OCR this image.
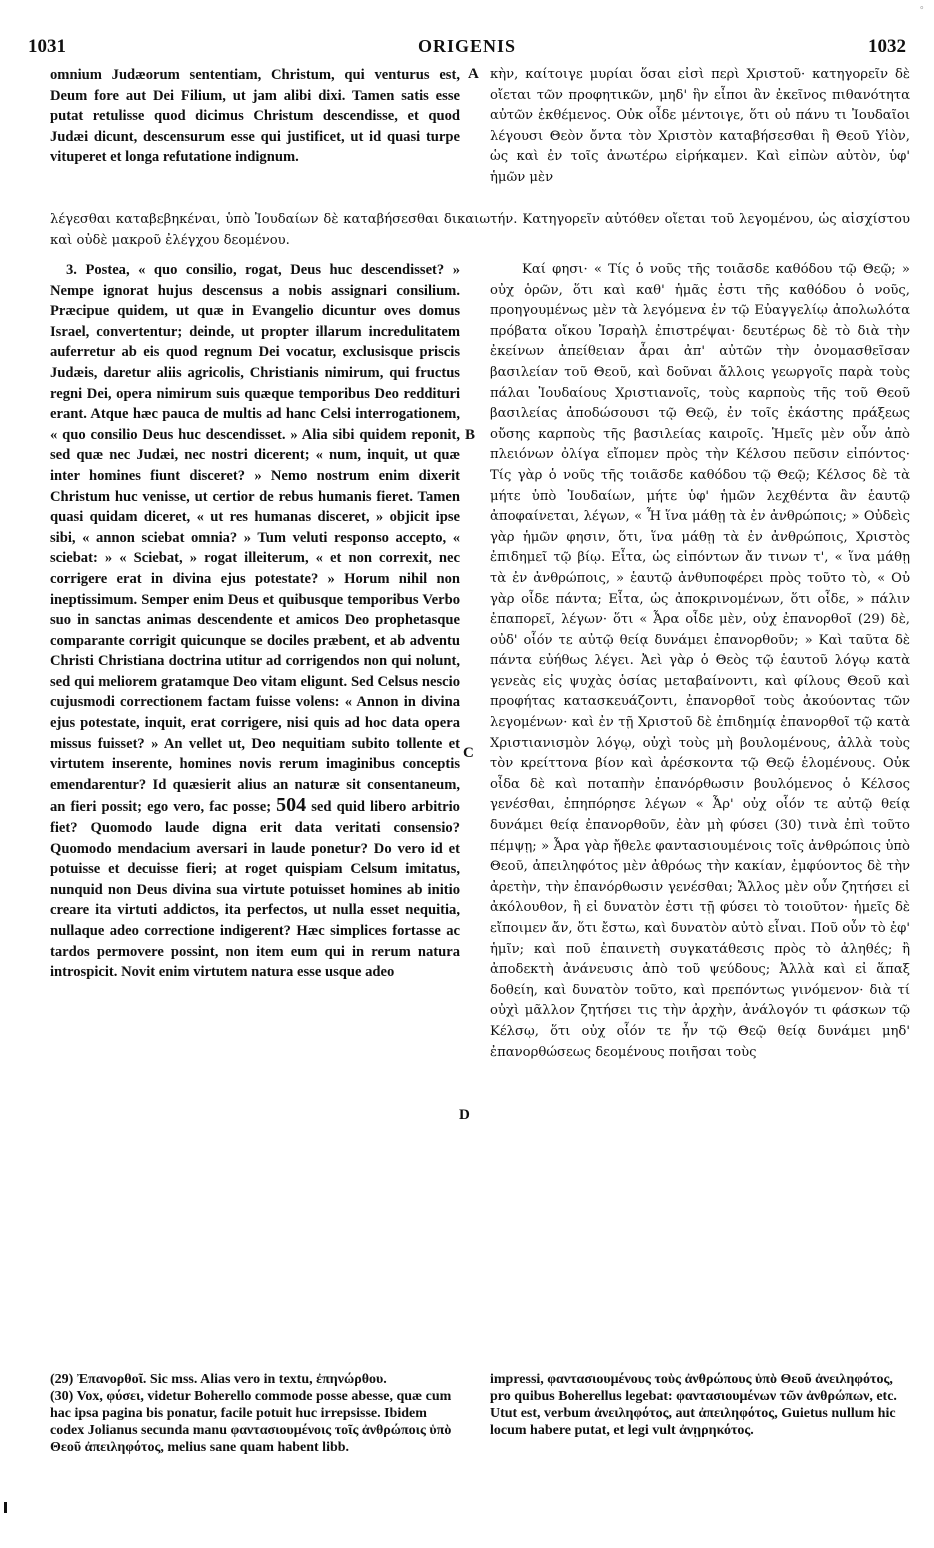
°
1031	ORIGENIS	1032

omnium Judæorum sententiam, Christum, qui venturus est, Deum fore aut Dei Filium, ut jam alibi dixi. Tamen satis esse putat retulisse quod dicimus Christum descendisse, et quod Judæi dicunt, descensurum esse qui justificet, ut id quasi turpe vituperet et longa refutatione indignum.

A κὴν, καίτοιγε μυρίαι ὅσαι εἰσὶ περὶ Χριστοῦ· κατηγορεῖν δὲ οἴεται τῶν προφητικῶν, μηδ' ἣν εἶποι ἂν ἐκεῖνος πιθανότητα αὐτῶν ἐκθέμενος. Οὐκ οἶδε μέντοιγε, ὅτι οὐ πάνυ τι Ἰουδαῖοι λέγουσι Θεὸν ὄντα τὸν Χριστὸν καταβήσεσθαι ἢ Θεοῦ Υἱὸν, ὡς καὶ ἐν τοῖς ἀνωτέρω εἰρήκαμεν. Καὶ εἰπὼν αὐτὸν, ὑφ' ἡμῶν μὲν

λέγεσθαι καταβεβηκέναι, ὑπὸ Ἰουδαίων δὲ καταβήσεσθαι δικαιωτήν. Κατηγορεῖν αὐτόθεν οἴεται τοῦ λεγομένου, ὡς αἰσχίστου καὶ οὐδὲ μακροῦ ἐλέγχου δεομένου.

3. Postea, « quo consilio, rogat, Deus huc descendisset? » Nempe ignorat hujus descensus a nobis assignari consilium. Præcipue quidem, ut quæ in Evangelio dicuntur oves domus Israel, convertentur; deinde, ut propter illarum incredulitatem auferretur ab eis quod regnum Dei vocatur, exclusisque priscis Judæis, daretur aliis agricolis, Christianis nimirum, qui fructus regni Dei, opera nimirum suis quæque temporibus Deo reddituri erant. Atque hæc pauca de multis ad hanc Celsi interrogationem, « quo consilio Deus huc descendisset. » Alia sibi quidem reponit, sed quæ nec Judæi, nec nostri dicerent; « num, inquit, ut quæ inter homines fiunt disceret? » Nemo nostrum enim dixerit Christum huc venisse, ut certior de rebus humanis fieret. Tamen quasi quidam diceret, « ut res humanas disceret, » objicit ipse sibi, « annon sciebat omnia? » Tum veluti responso accepto, « sciebat: » « Sciebat, » rogat illeiterum, « et non correxit, nec corrigere erat in divina ejus potestate? » Horum nihil non ineptissimum. Semper enim Deus et quibusque temporibus Verbo suo in sanctas animas descendente et amicos Deo prophetasque comparante corrigit quicunque se dociles præbent, et ab adventu Christi Christiana doctrina utitur ad corrigendos non qui nolunt, sed qui meliorem gratamque Deo vitam eligunt. Sed Celsus nescio cujusmodi correctionem factam fuisse volens: « Annon in divina ejus potestate, inquit, erat corrigere, nisi quis ad hoc data opera missus fuisset? » An vellet ut, Deo nequitiam subito tollente et virtutem inserente, homines novis rerum imaginibus conceptis emendarentur? Id quæsierit alius an naturæ sit consentaneum, an fieri possit; ego vero, fac posse; 504 sed quid libero arbitrio fiet? Quomodo laude digna erit data veritati consensio? Quomodo mendacium aversari in laude ponetur? Do vero id et potuisse et decuisse fieri; at roget quispiam Celsum imitatus, nunquid non Deus divina sua virtute potuisset homines ab initio creare ita virtuti addictos, ita perfectos, ut nulla esset nequitia, nullaque adeo correctione indigerent? Hæc simplices fortasse ac tardos permovere possint, non item eum qui in rerum natura introspicit. Novit enim virtutem natura esse usque adeo

B
C
D

Καί φησι· « Τίς ὁ νοῦς τῆς τοιᾶσδε καθόδου τῷ Θεῷ; » οὐχ ὁρῶν, ὅτι καὶ καθ' ἡμᾶς ἐστι τῆς καθόδου ὁ νοῦς, προηγουμένως μὲν τὰ λεγόμενα ἐν τῷ Εὐαγγελίῳ ἀπολωλότα πρόβατα οἴκου Ἰσραὴλ ἐπιστρέψαι· δευτέρως δὲ τὸ διὰ τὴν ἐκείνων ἀπείθειαν ἆραι ἀπ' αὐτῶν τὴν ὀνομασθεῖσαν βασιλείαν τοῦ Θεοῦ, καὶ δοῦναι ἄλλοις γεωργοῖς παρὰ τοὺς πάλαι Ἰουδαίους Χριστιανοῖς, τοὺς καρποὺς τῆς τοῦ Θεοῦ βασιλείας ἀποδώσουσι τῷ Θεῷ, ἐν τοῖς ἑκάστης πράξεως οὔσης καρποὺς τῆς βασιλείας καιροῖς. Ἡμεῖς μὲν οὖν ἀπὸ πλειόνων ὀλίγα εἴπομεν πρὸς τὴν Κέλσου πεῦσιν εἰπόντος· Τίς γὰρ ὁ νοῦς τῆς τοιᾶσδε καθόδου τῷ Θεῷ; Κέλσος δὲ τὰ μήτε ὑπὸ Ἰουδαίων, μήτε ὑφ' ἡμῶν λεχθέντα ἂν ἑαυτῷ ἀποφαίνεται, λέγων, « Ἦ ἵνα μάθῃ τὰ ἐν ἀνθρώποις; » Οὐδεὶς γὰρ ἡμῶν φησιν, ὅτι, ἵνα μάθῃ τὰ ἐν ἀνθρώποις, Χριστὸς ἐπιδημεῖ τῷ βίῳ. Εἶτα, ὡς εἰπόντων ἄν τινων τ', « ἵνα μάθῃ τὰ ἐν ἀνθρώποις, » ἑαυτῷ ἀνθυποφέρει πρὸς τοῦτο τὸ, « Οὐ γὰρ οἶδε πάντα; Εἶτα, ὡς ἀποκρινομένων, ὅτι οἶδε, » πάλιν ἐπαπορεῖ, λέγων· ὅτι « Ἆρα οἶδε μὲν, οὐχ ἐπανορθοῖ (29) δὲ, οὐδ' οἷόν τε αὐτῷ θείᾳ δυνάμει ἐπανορθοῦν; » Καὶ ταῦτα δὲ πάντα εὐήθως λέγει. Ἀεὶ γὰρ ὁ Θεὸς τῷ ἑαυτοῦ λόγῳ κατὰ γενεὰς εἰς ψυχὰς ὁσίας μεταβαίνοντι, καὶ φίλους Θεοῦ καὶ προφήτας κατασκευάζοντι, ἐπανορθοῖ τοὺς ἀκούοντας τῶν λεγομένων· καὶ ἐν τῇ Χριστοῦ δὲ ἐπιδημίᾳ ἐπανορθοῖ τῷ κατὰ Χριστιανισμὸν λόγῳ, οὐχὶ τοὺς μὴ βουλομένους, ἀλλὰ τοὺς τὸν κρείττονα βίον καὶ ἀρέσκοντα τῷ Θεῷ ἑλομένους. Οὐκ οἶδα δὲ καὶ ποταπὴν ἐπανόρθωσιν βουλόμενος ὁ Κέλσος γενέσθαι, ἐπηπόρησε λέγων « Ἆρ' οὐχ οἷόν τε αὐτῷ θείᾳ δυνάμει θείᾳ ἐπανορθοῦν, ἐὰν μὴ φύσει (30) τινὰ ἐπὶ τοῦτο πέμψῃ; » Ἆρα γὰρ ἤθελε φαντασιουμένοις τοῖς ἀνθρώποις ὑπὸ Θεοῦ, ἀπειληφότος μὲν ἀθρόως τὴν κακίαν, ἐμφύοντος δὲ τὴν ἀρετὴν, τὴν ἐπανόρθωσιν γενέσθαι; Ἄλλος μὲν οὖν ζητήσει εἰ ἀκόλουθον, ἢ εἰ δυνατὸν ἐστι τῇ φύσει τὸ τοιοῦτον· ἡμεῖς δὲ εἴποιμεν ἄν, ὅτι ἔστω, καὶ δυνατὸν αὐτὸ εἶναι. Ποῦ οὖν τὸ ἐφ' ἡμῖν; καὶ ποῦ ἐπαινετὴ συγκατάθεσις πρὸς τὸ ἀληθές; ἢ ἀποδεκτὴ ἀνάνευσις ἀπὸ τοῦ ψεύδους; Ἀλλὰ καὶ εἰ ἅπαξ δοθείη, καὶ δυνατὸν τοῦτο, καὶ πρεπόντως γινόμενον· διὰ τί οὐχὶ μᾶλλον ζητήσει τις τὴν ἀρχὴν, ἀνάλογόν τι φάσκων τῷ Κέλσῳ, ὅτι οὐχ οἷόν τε ἦν τῷ Θεῷ θείᾳ δυνάμει μηδ' ἐπανορθώσεως δεομένους ποιῆσαι τοὺς

(29) Ἐπανορθοῖ. Sic mss. Alias vero in textu, ἐπηνώρθου.

(30) Vox, φύσει, videtur Boherello commode posse abesse, quæ cum hac ipsa pagina bis ponatur, facile potuit huc irrepsisse. Ibidem codex Jolianus secunda manu φαντασιουμένοις τοῖς ἀνθρώποις ὑπὸ Θεοῦ ἀπειληφότος, melius sane quam habent libb.

impressi, φαντασιουμένους τοὺς ἀνθρώπους ὑπὸ Θεοῦ ἀνειληφότος, pro quibus Boherellus legebat: φαντασιουμένων τῶν ἀνθρώπων, etc. Utut est, verbum ἀνειληφότος, aut ἀπειληφότος, Guietus nullum hic locum habere putat, et legi vult ἀνῃρηκότος.
